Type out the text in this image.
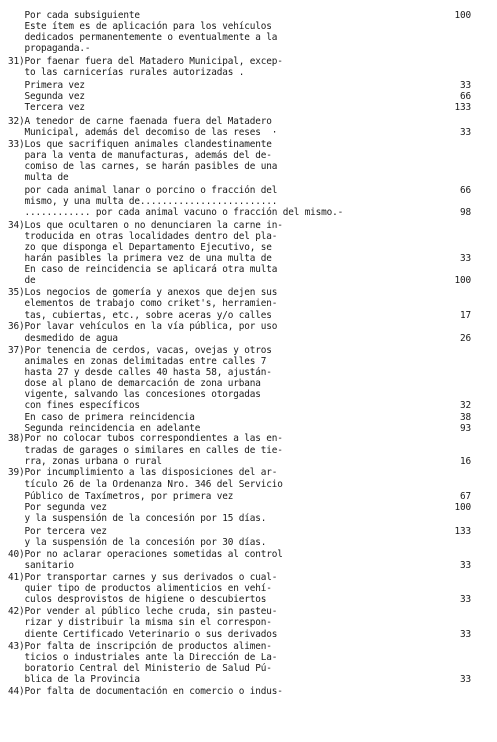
Por cada subsiguiente	100
Este ítem es de aplicación para los vehículos
dedicados permanentemente o eventualmente a la
propaganda.-
31)Por faenar fuera del Matadero Municipal, excep-
to las carnicerías rurales autorizadas .
Primera vez	33
Segunda vez	66
Tercera vez	133
32)A tenedor de carne faenada fuera del Matadero
Municipal, además del decomiso de las reses  ·	33
33)Los que sacrifiquen animales clandestinamente
para la venta de manufacturas, además del de-
comiso de las carnes, se harán pasibles de una
multa de
por cada animal lanar o porcino o fracción del	66
mismo, y una multa de.........................
............ por cada animal vacuno o fracción del mismo.-	98
34)Los que ocultaren o no denunciaren la carne in-
troducida en otras localidades dentro del pla-
zo que disponga el Departamento Ejecutivo, se
harán pasibles la primera vez de una multa de	33
En caso de reincidencia se aplicará otra multa
de	100
35)Los negocios de gomería y anexos que dejen sus
elementos de trabajo como criket's, herramien-
tas, cubiertas, etc., sobre aceras y/o calles	17
36)Por lavar vehículos en la vía pública, por uso
desmedido de agua	26
37)Por tenencia de cerdos, vacas, ovejas y otros
animales en zonas delimitadas entre calles 7
hasta 27 y desde calles 40 hasta 58, ajustán-
dose al plano de demarcación de zona urbana
vigente, salvando las concesiones otorgadas
con fines específicos	32
En caso de primera reincidencia	38
Segunda reincidencia en adelante	93
38)Por no colocar tubos correspondientes a las en-
tradas de garages o similares en calles de tie-
rra, zonas urbana o rural	16
39)Por incumplimiento a las disposiciones del ar-
tículo 26 de la Ordenanza Nro. 346 del Servicio
Público de Taxímetros, por primera vez	67
Por segunda vez	100
y la suspensión de la concesión por 15 días.
Por tercera vez	133
y la suspensión de la concesión por 30 días.
40)Por no aclarar operaciones sometidas al control
sanitario	33
41)Por transportar carnes y sus derivados o cual-
quier tipo de productos alimenticios en vehí-
culos desprovistos de higiene o descubiertos	33
42)Por vender al público leche cruda, sin pasteu-
rizar y distribuir la misma sin el correspon-
diente Certificado Veterinario o sus derivados	33
43)Por falta de inscripción de productos alimen-
ticios o industriales ante la Dirección de La-
boratorio Central del Ministerio de Salud Pú-
blica de la Provincia	33
44)Por falta de documentación en comercio o indus-
